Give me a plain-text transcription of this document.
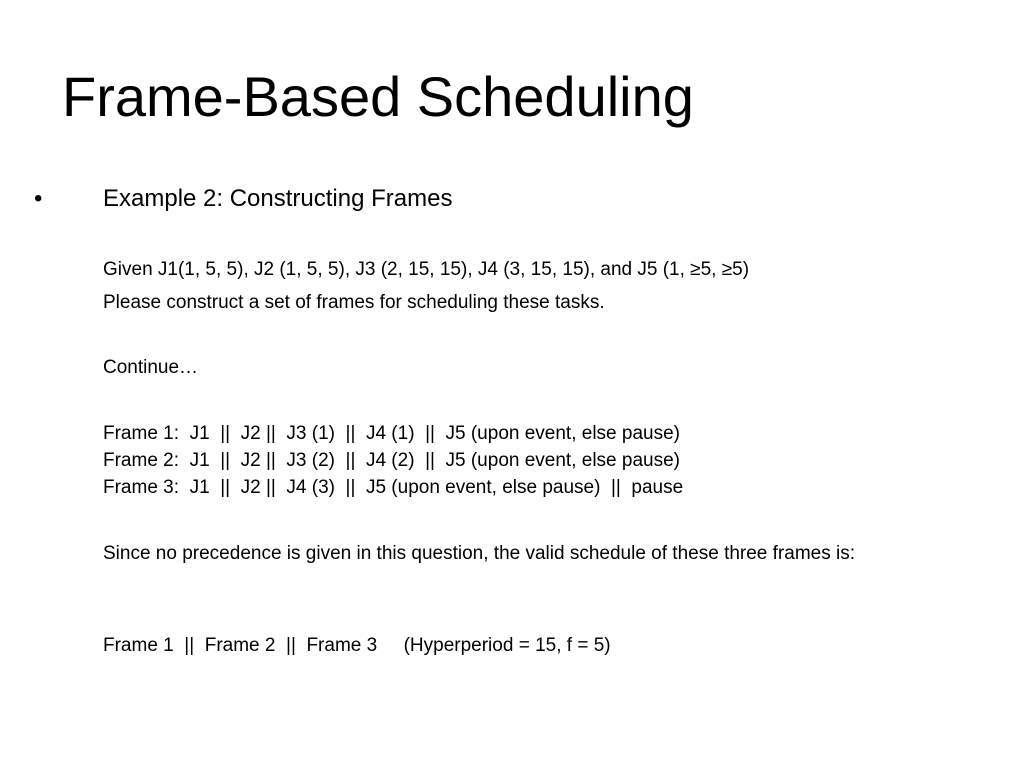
Frame-Based Scheduling
•	Example 2: Constructing Frames
Given J1(1, 5, 5), J2 (1, 5, 5), J3 (2, 15, 15), J4 (3, 15, 15), and J5 (1, ≥5, ≥5)
Please construct a set of frames for scheduling these tasks.
Continue…
Frame 1:  J1  ||  J2 ||  J3 (1)  ||  J4 (1)  ||  J5 (upon event, else pause)
Frame 2:  J1  ||  J2 ||  J3 (2)  ||  J4 (2)  ||  J5 (upon event, else pause)
Frame 3:  J1  ||  J2 ||  J4 (3)  ||  J5 (upon event, else pause)  ||  pause
Since no precedence is given in this question, the valid schedule of these three frames is:
Frame 1  ||  Frame 2  ||  Frame 3     (Hyperperiod = 15, f = 5)
